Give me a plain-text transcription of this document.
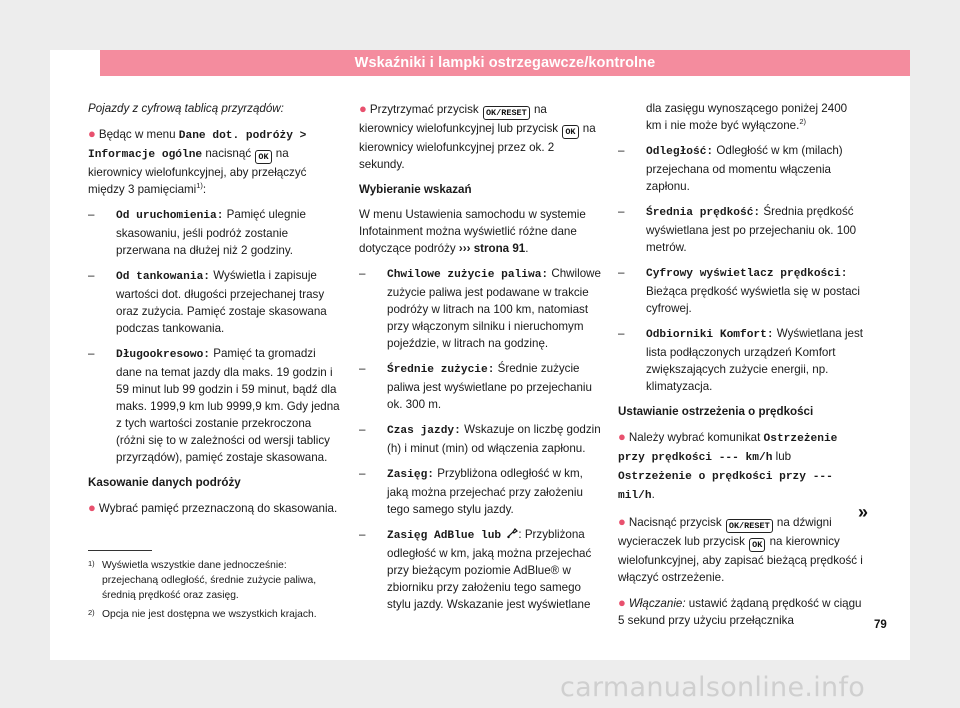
Wskaźniki i lampki ostrzegawcze/kontrolne

Pojazdy z cyfrową tablicą przyrządów:

● Będąc w menu Dane dot. podróży > Informacje ogólne nacisnąć OK na kierownicy wielofunkcyjnej, aby przełączyć między 3 pamięciami$^{1)}$:

– Od uruchomienia: Pamięć ulegnie skasowaniu, jeśli podróż zostanie przerwana na dłużej niż 2 godziny.
– Od tankowania: Wyświetla i zapisuje wartości dot. długości przejechanej trasy oraz zużycia. Pamięć zostaje skasowana podczas tankowania.
– Długookresowo: Pamięć ta gromadzi dane na temat jazdy dla maks. 19 godzin i 59 minut lub 99 godzin i 59 minut, bądź dla maks. 1999,9 km lub 9999,9 km. Gdy jedna z tych wartości zostanie przekroczona (różni się to w zależności od wersji tablicy przyrządów), pamięć zostaje skasowana.

Kasowanie danych podróży

● Wybrać pamięć przeznaczoną do skasowania.

● Przytrzymać przycisk OK/RESET na kierownicy wielofunkcyjnej lub przycisk OK na kierownicy wielofunkcyjnej przez ok. 2 sekundy.

Wybieranie wskazań

W menu Ustawienia samochodu w systemie Infotainment można wyświetlić różne dane dotyczące podróży ››› strona 91.

– Chwilowe zużycie paliwa: Chwilowe zużycie paliwa jest podawane w trakcie podróży w litrach na 100 km, natomiast przy włączonym silniku i nieruchomym pojeździe, w litrach na godzinę.
– Średnie zużycie: Średnie zużycie paliwa jest wyświetlane po przejechaniu ok. 300 m.
– Czas jazdy: Wskazuje on liczbę godzin (h) i minut (min) od włączenia zapłonu.
– Zasięg: Przybliżona odległość w km, jaką można przejechać przy założeniu tego samego stylu jazdy.
– Zasięg AdBlue lub : Przybliżona odległość w km, jaką można przejechać przy bieżącym poziomie AdBlue® w zbiorniku przy założeniu tego samego stylu jazdy. Wskazanie jest wyświetlane

dla zasięgu wynoszącego poniżej 2400 km i nie może być wyłączone.$^{2)}$

– Odległość: Odległość w km (milach) przejechana od momentu włączenia zapłonu.
– Średnia prędkość: Średnia prędkość wyświetlana jest po przejechaniu ok. 100 metrów.
– Cyfrowy wyświetlacz prędkości: Bieżąca prędkość wyświetla się w postaci cyfrowej.
– Odbiorniki Komfort: Wyświetlana jest lista podłączonych urządzeń Komfort zwiększających zużycie energii, np. klimatyzacja.

Ustawianie ostrzeżenia o prędkości

● Należy wybrać komunikat Ostrzeżenie przy prędkości --- km/h lub Ostrzeżenie o prędkości przy --- mil/h.

● Nacisnąć przycisk OK/RESET na dźwigni wycieraczek lub przycisk OK na kierownicy wielofunkcyjnej, aby zapisać bieżącą prędkość i włączyć ostrzeżenie.

● Włączanie: ustawić żądaną prędkość w ciągu 5 sekund przy użyciu przełącznika

»
1) Wyświetla wszystkie dane jednocześnie: przejechaną odległość, średnie zużycie paliwa, średnią prędkość oraz zasięg.
2) Opcja nie jest dostępna we wszystkich krajach.
79
carmanualsonline.info
